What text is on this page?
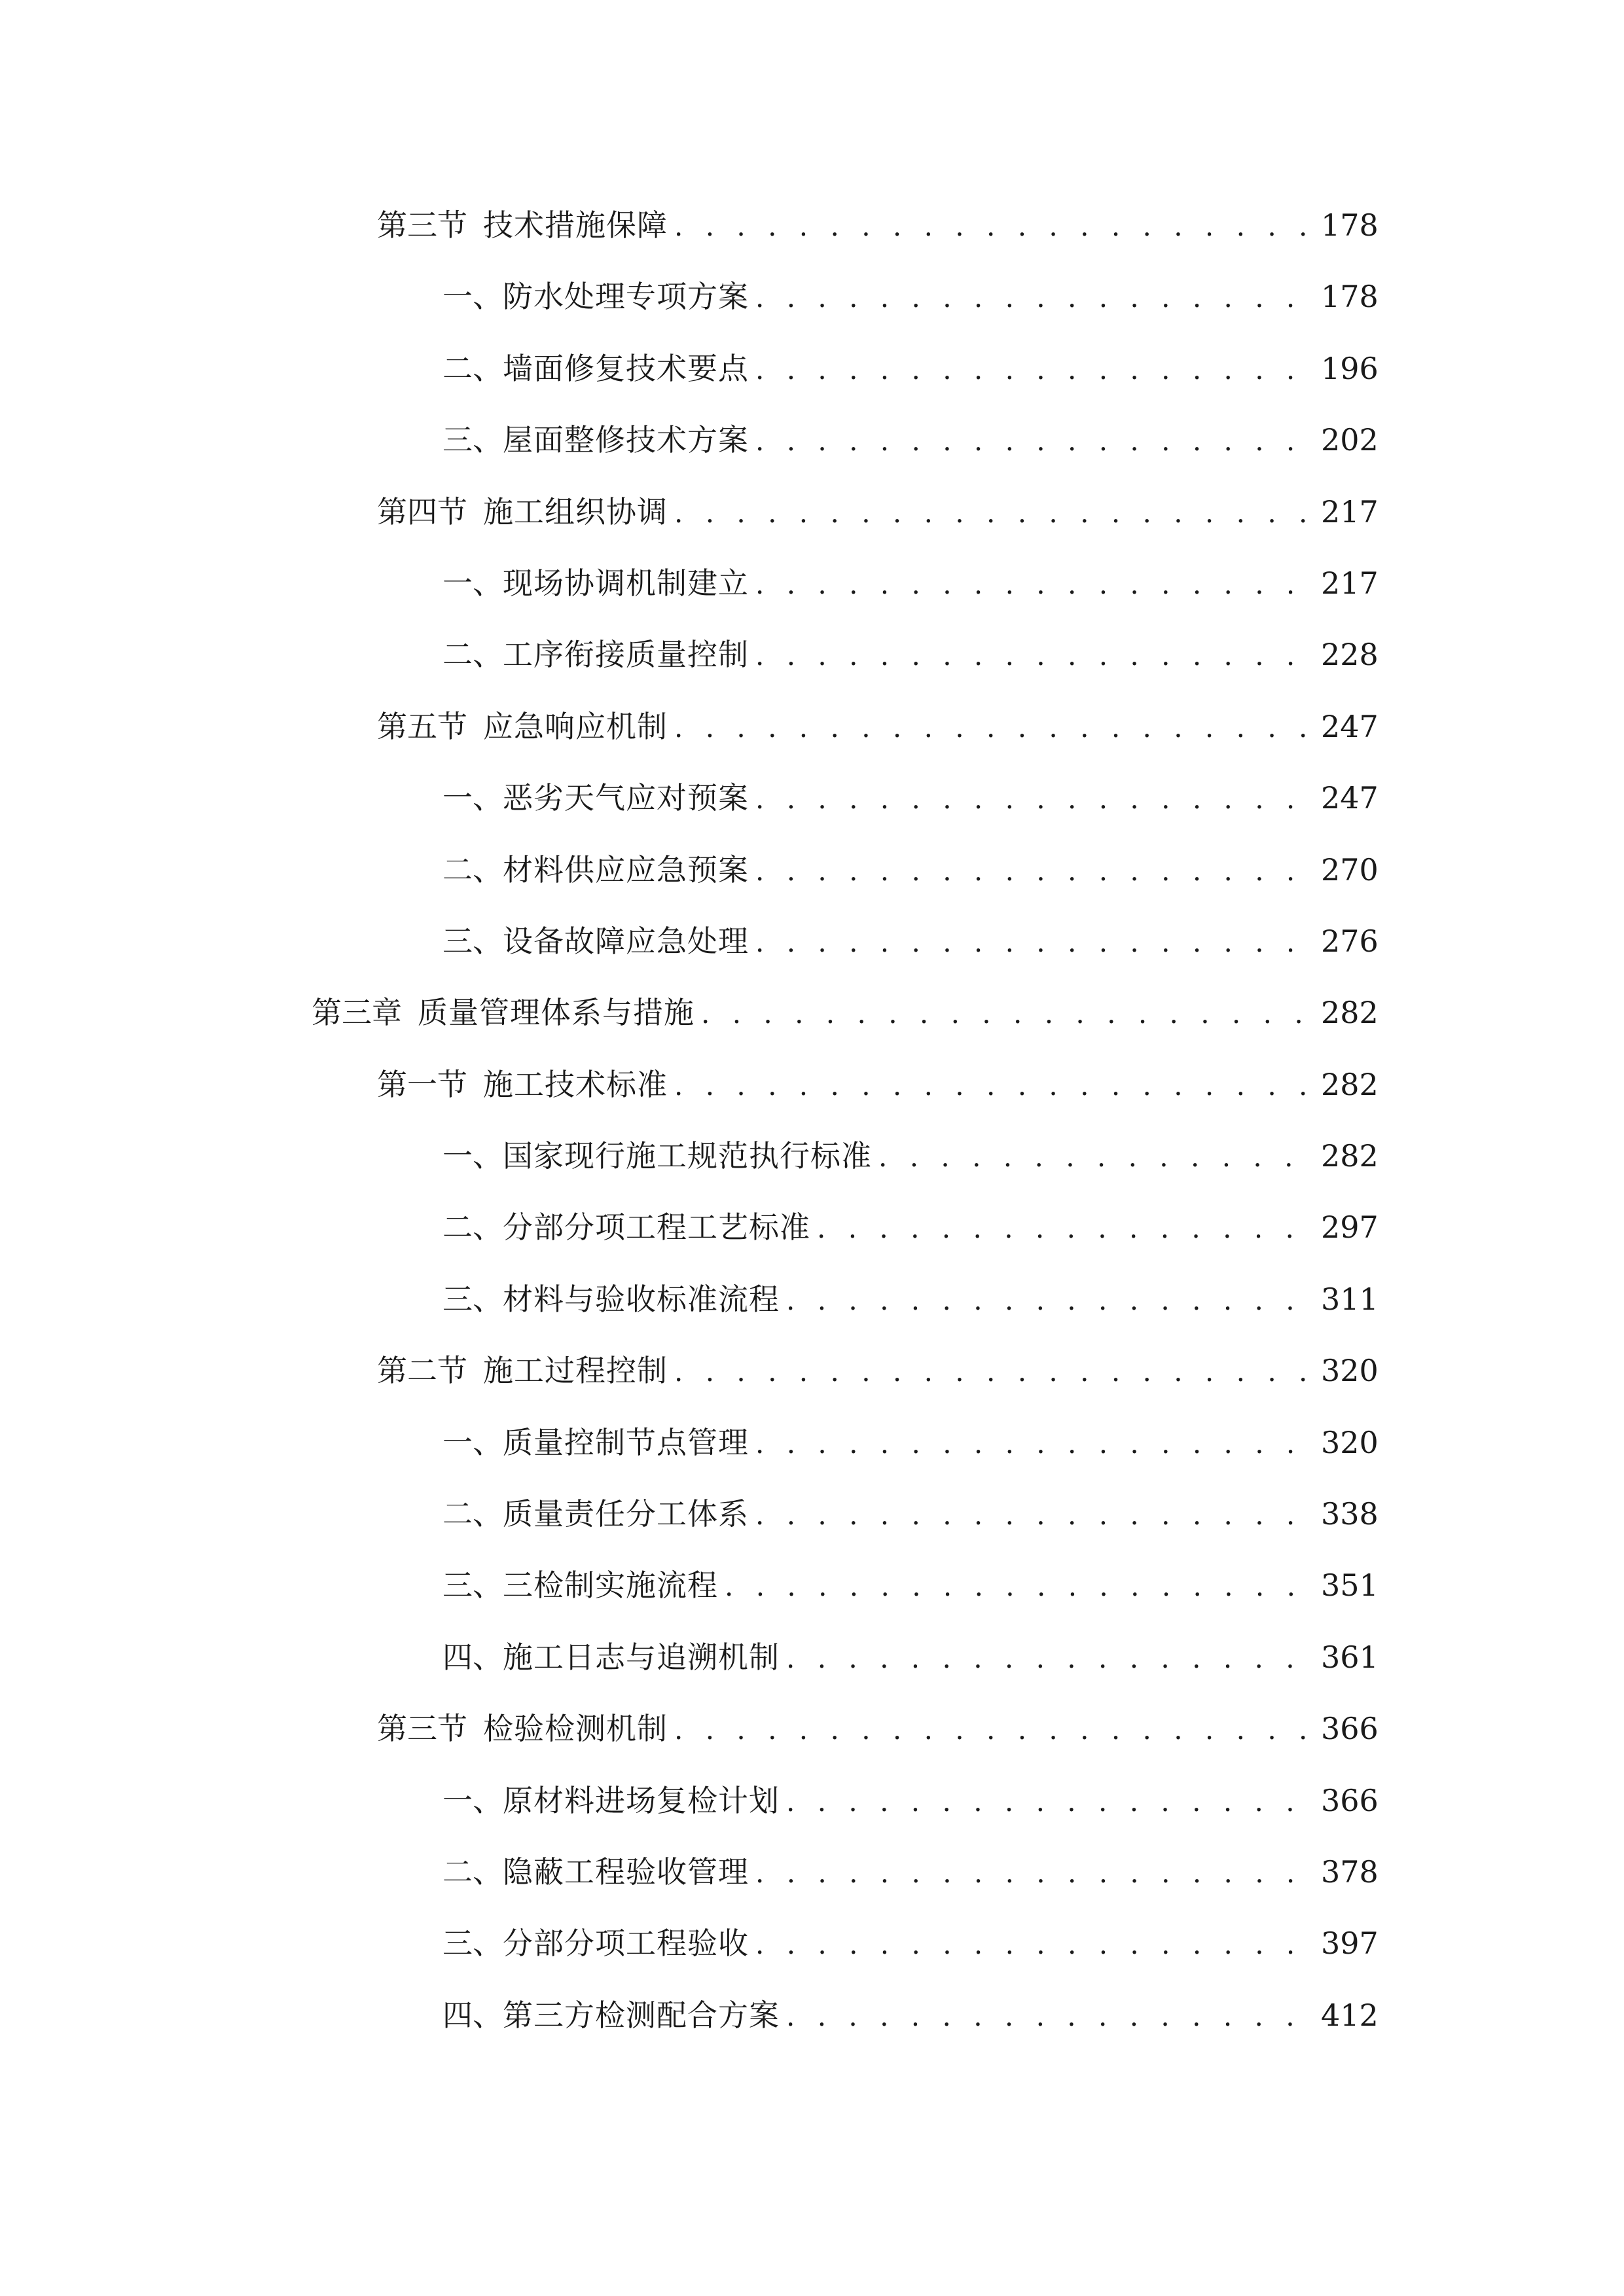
第三节 技术措施保障 . . .	178
一、 防水处理专项方案 . . .	178
二、 墙面修复技术要点 . . .	196
三、 屋面整修技术方案 . . .	202
第四节 施工组织协调 . . .	217
一、 现场协调机制建立 . . .	217
二、 工序衔接质量控制 . . .	228
第五节 应急响应机制 . . .	247
一、 恶劣天气应对预案 . . .	247
二、 材料供应应急预案 . . .	270
三、 设备故障应急处理 . . .	276
第三章 质量管理体系与措施 . . .	282
第一节 施工技术标准 . . .	282
一、 国家现行施工规范执行标准 . . .	282
二、 分部分项工程工艺标准 . . .	297
三、 材料与验收标准流程 . . .	311
第二节 施工过程控制 . . .	320
一、 质量控制节点管理 . . .	320
二、 质量责任分工体系 . . .	338
三、 三检制实施流程 . . .	351
四、 施工日志与追溯机制 . . .	361
第三节 检验检测机制 . . .	366
一、 原材料进场复检计划 . . .	366
二、 隐蔽工程验收管理 . . .	378
三、 分部分项工程验收 . . .	397
四、 第三方检测配合方案 . . .	412
